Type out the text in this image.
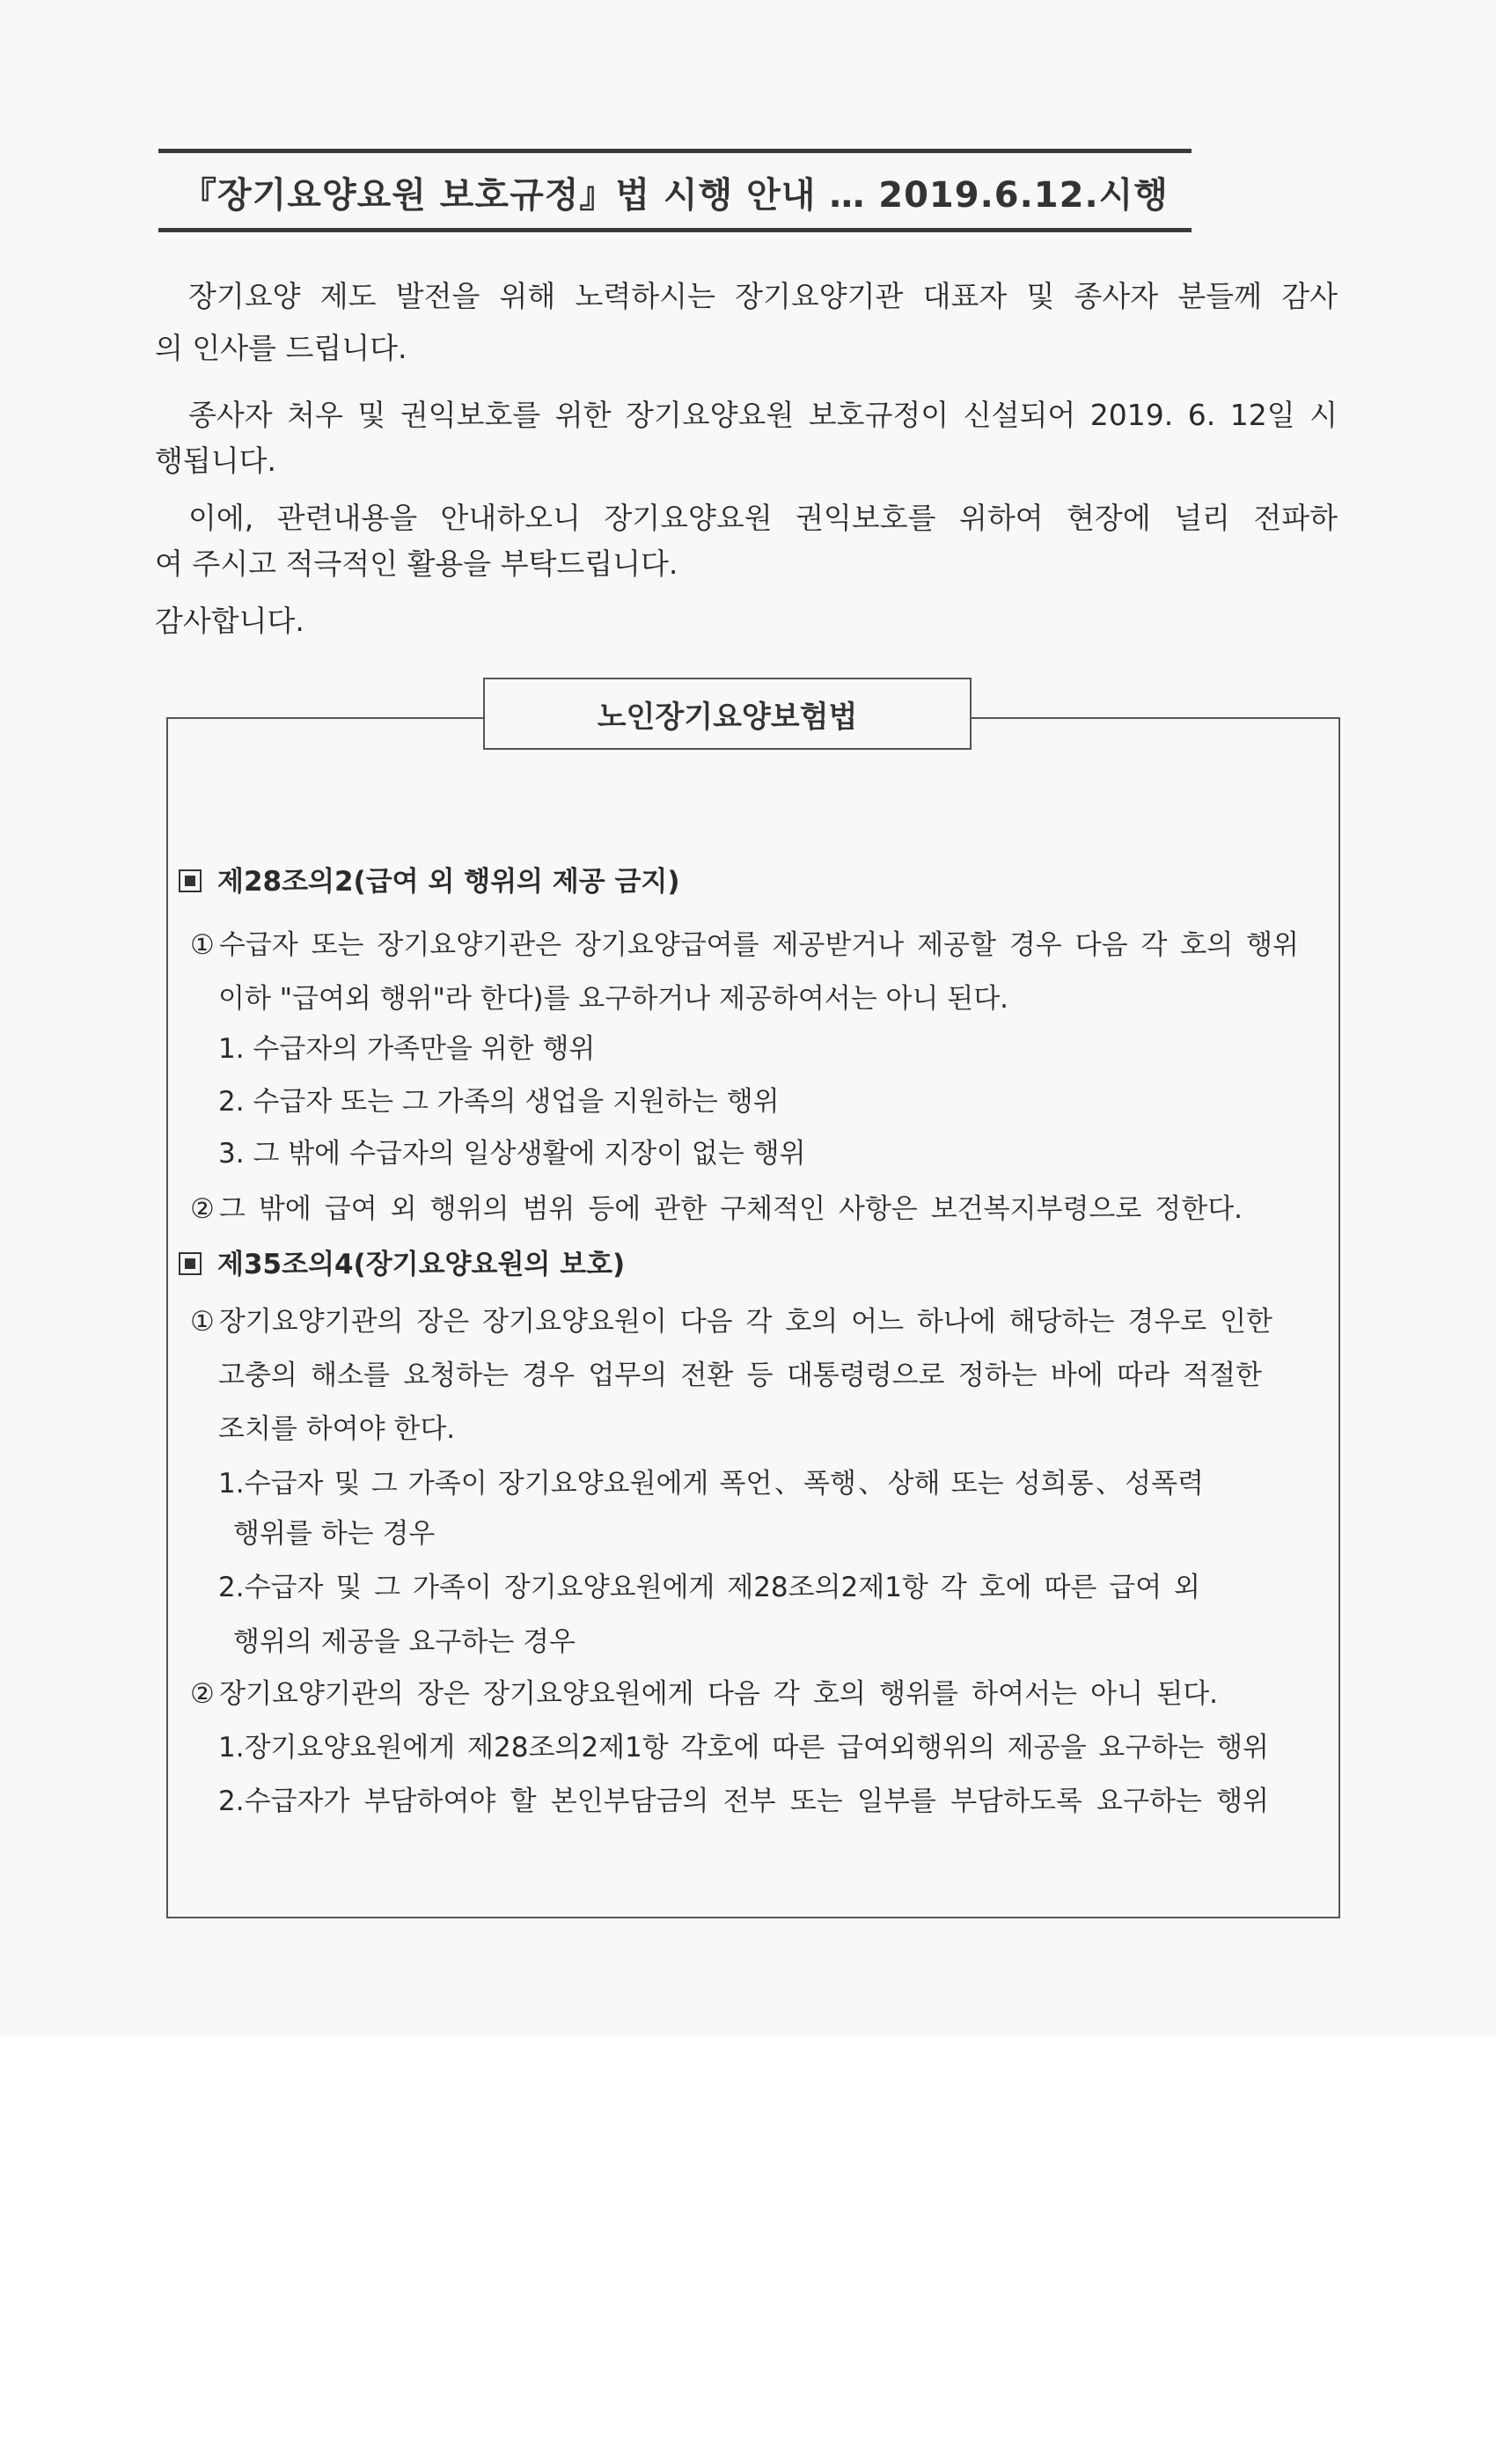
『장기요양요원 보호규정』법 시행 안내 … 2019.6.12.시행
장기요양 제도 발전을 위해 노력하시는 장기요양기관 대표자 및 종사자 분들께 감사
의 인사를 드립니다.
종사자 처우 및 권익보호를 위한 장기요양요원 보호규정이 신설되어 2019. 6. 12일 시
행됩니다.
이에, 관련내용을 안내하오니 장기요양요원 권익보호를 위하여 현장에 널리 전파하
여 주시고 적극적인 활용을 부탁드립니다.
감사합니다.
노인장기요양보험법
제28조의2(급여 외 행위의 제공 금지)
①수급자 또는 장기요양기관은 장기요양급여를 제공받거나 제공할 경우 다음 각 호의 행위
이하 "급여외 행위"라 한다)를 요구하거나 제공하여서는 아니 된다.
1. 수급자의 가족만을 위한 행위
2. 수급자 또는 그 가족의 생업을 지원하는 행위
3. 그 밖에 수급자의 일상생활에 지장이 없는 행위
②그 밖에 급여 외 행위의 범위 등에 관한 구체적인 사항은 보건복지부령으로 정한다.
제35조의4(장기요양요원의 보호)
①장기요양기관의 장은 장기요양요원이 다음 각 호의 어느 하나에 해당하는 경우로 인한
고충의 해소를 요청하는 경우 업무의 전환 등 대통령령으로 정하는 바에 따라 적절한
조치를 하여야 한다.
1.수급자 및 그 가족이 장기요양요원에게 폭언、폭행、상해 또는 성희롱、성폭력
행위를 하는 경우
2.수급자 및 그 가족이 장기요양요원에게 제28조의2제1항 각 호에 따른 급여 외
행위의 제공을 요구하는 경우
②장기요양기관의 장은 장기요양요원에게 다음 각 호의 행위를 하여서는 아니 된다.
1.장기요양요원에게 제28조의2제1항 각호에 따른 급여외행위의 제공을 요구하는 행위
2.수급자가 부담하여야 할 본인부담금의 전부 또는 일부를 부담하도록 요구하는 행위
